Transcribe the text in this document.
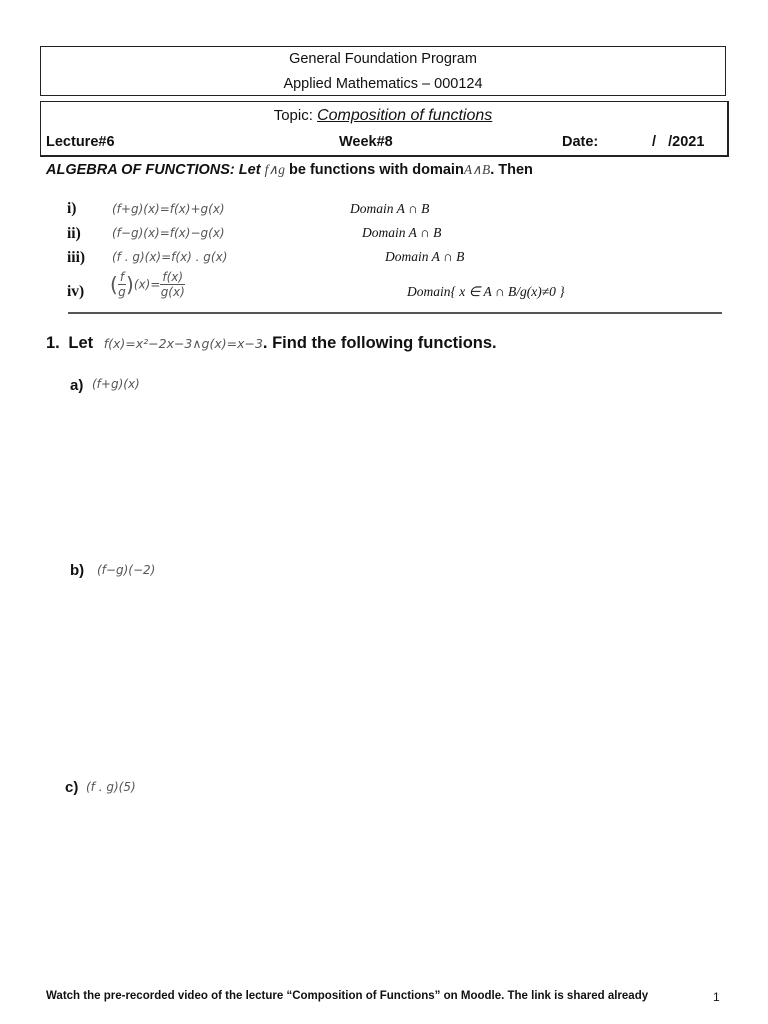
General Foundation Program
Applied Mathematics – 000124
Topic: Composition of functions
Lecture#6	Week#8	Date:	/   /2021
ALGEBRA OF FUNCTIONS: Let f∧g be functions with domainA∧B. Then
i)	(f+g)(x)=f(x)+g(x)	Domain A ∩ B
ii)	(f−g)(x)=f(x)−g(x)	Domain A ∩ B
iii) (f . g)(x)=f(x) . g(x)	Domain A ∩ B
iv) ( $\frac{f}{g} )(x)= \frac{f(x)}{g(x)}$	Domain{ x ∈ A ∩ B/g(x)≠0 }
1. Let f(x)=x²−2x−3∧g(x)=x−3. Find the following functions.
a) (f+g)(x)
b) (f−g)(−2)
c) (f . g)(5)
Watch the pre-recorded video of the lecture “Composition of Functions” on Moodle. The link is shared already	1
